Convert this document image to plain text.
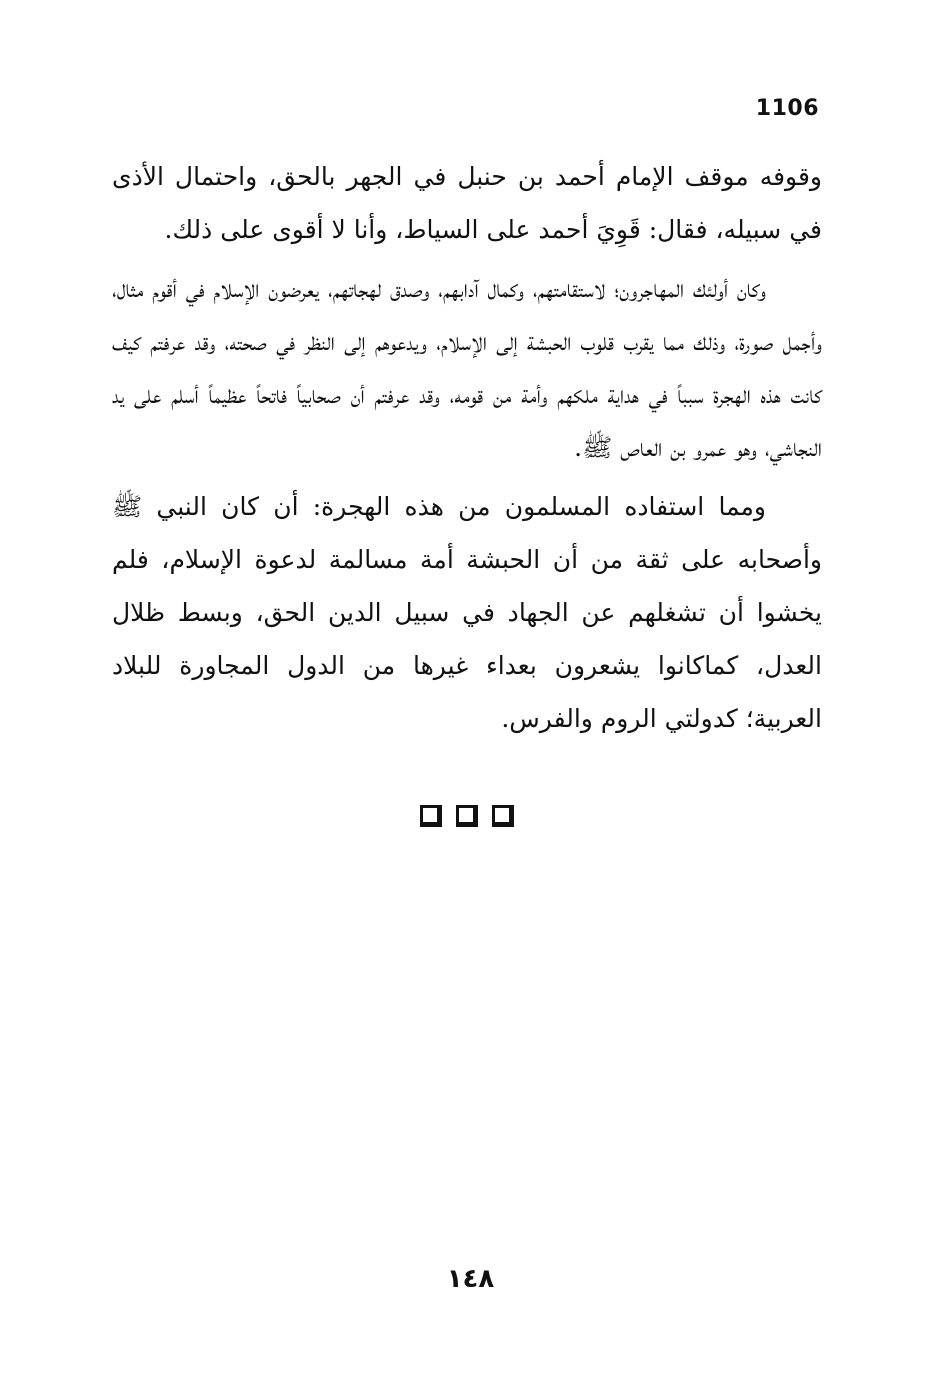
1106

وقوفه موقف الإمام أحمد بن حنبل في الجهر بالحق، واحتمال الأذى في سبيله، فقال: قَوِيَ أحمد على السياط، وأنا لا أقوى على ذلك.

وكان أولئك المهاجرون؛ لاستقامتهم، وكمال آدابهم، وصدق لهجاتهم، يعرضون الإسلام في أقوم مثال، وأجمل صورة، وذلك مما يقرب قلوب الحبشة إلى الإسلام، ويدعوهم إلى النظر في صحته، وقد عرفتم كيف كانت هذه الهجرة سبباً في هداية ملكهم وأمة من قومه، وقد عرفتم أن صحابياً فاتحاً عظيماً أسلم على يد النجاشي، وهو عمرو بن العاص ﷺ.

ومما استفاده المسلمون من هذه الهجرة: أن كان النبي ﷺ وأصحابه على ثقة من أن الحبشة أمة مسالمة لدعوة الإسلام، فلم يخشوا أن تشغلهم عن الجهاد في سبيل الدين الحق، وبسط ظلال العدل، كماكانوا يشعرون بعداء غيرها من الدول المجاورة للبلاد العربية؛ كدولتي الروم والفرس.

١٤٨
